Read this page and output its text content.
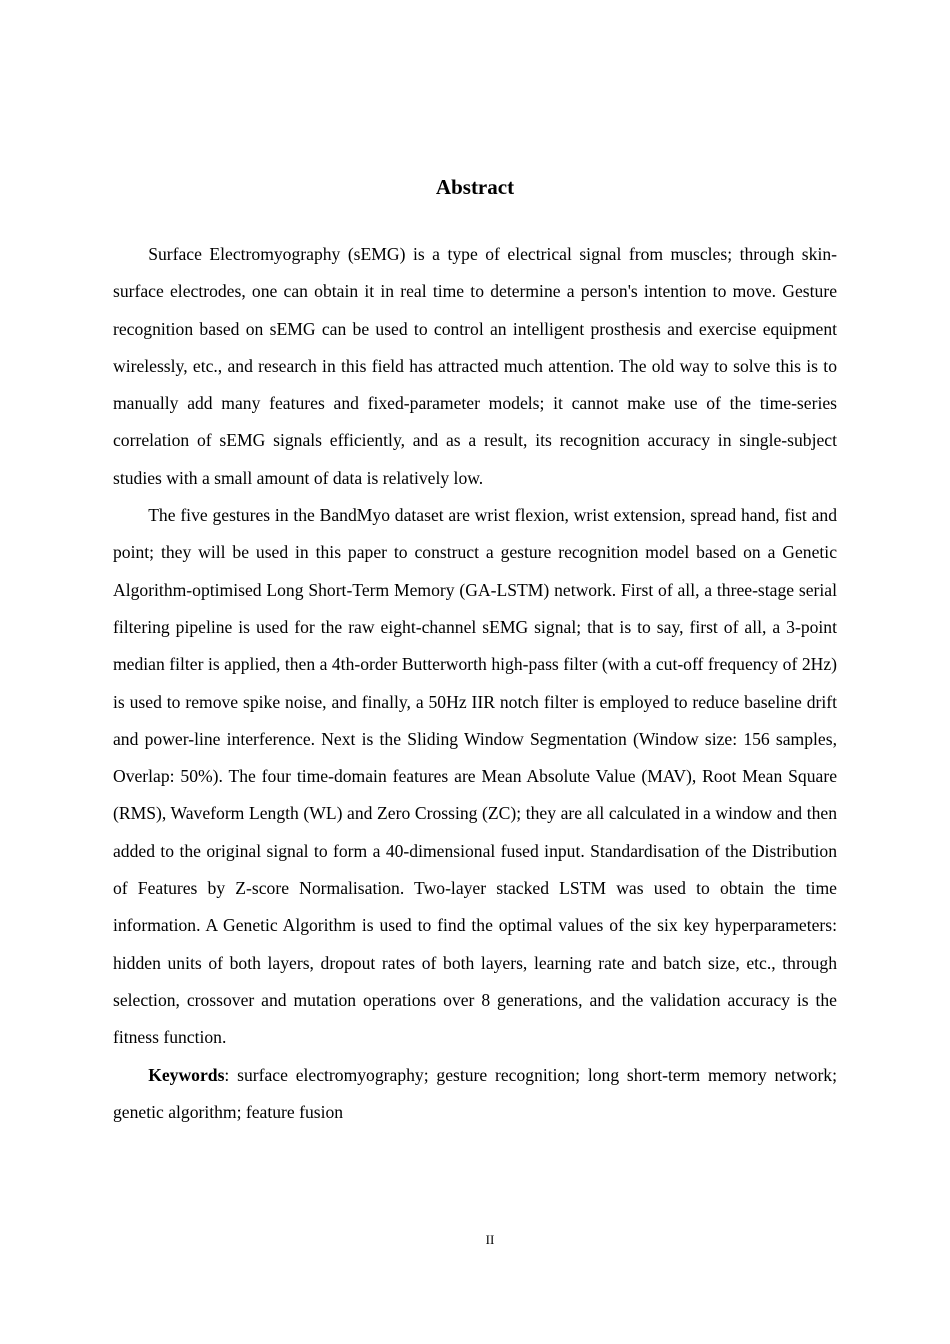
Abstract

Surface Electromyography (sEMG) is a type of electrical signal from muscles; through skin-surface electrodes, one can obtain it in real time to determine a person's intention to move. Gesture recognition based on sEMG can be used to control an intelligent prosthesis and exercise equipment wirelessly, etc., and research in this field has attracted much attention. The old way to solve this is to manually add many features and fixed-parameter models; it cannot make use of the time-series correlation of sEMG signals efficiently, and as a result, its recognition accuracy in single-subject studies with a small amount of data is relatively low.

The five gestures in the BandMyo dataset are wrist flexion, wrist extension, spread hand, fist and point; they will be used in this paper to construct a gesture recognition model based on a Genetic Algorithm-optimised Long Short-Term Memory (GA-LSTM) network. First of all, a three-stage serial filtering pipeline is used for the raw eight-channel sEMG signal; that is to say, first of all, a 3-point median filter is applied, then a 4th-order Butterworth high-pass filter (with a cut-off frequency of 2Hz) is used to remove spike noise, and finally, a 50Hz IIR notch filter is employed to reduce baseline drift and power-line interference. Next is the Sliding Window Segmentation (Window size: 156 samples, Overlap: 50%). The four time-domain features are Mean Absolute Value (MAV), Root Mean Square (RMS), Waveform Length (WL) and Zero Crossing (ZC); they are all calculated in a window and then added to the original signal to form a 40-dimensional fused input. Standardisation of the Distribution of Features by Z-score Normalisation. Two-layer stacked LSTM was used to obtain the time information. A Genetic Algorithm is used to find the optimal values of the six key hyperparameters: hidden units of both layers, dropout rates of both layers, learning rate and batch size, etc., through selection, crossover and mutation operations over 8 generations, and the validation accuracy is the fitness function.

Keywords: surface electromyography; gesture recognition; long short-term memory network; genetic algorithm; feature fusion

II
